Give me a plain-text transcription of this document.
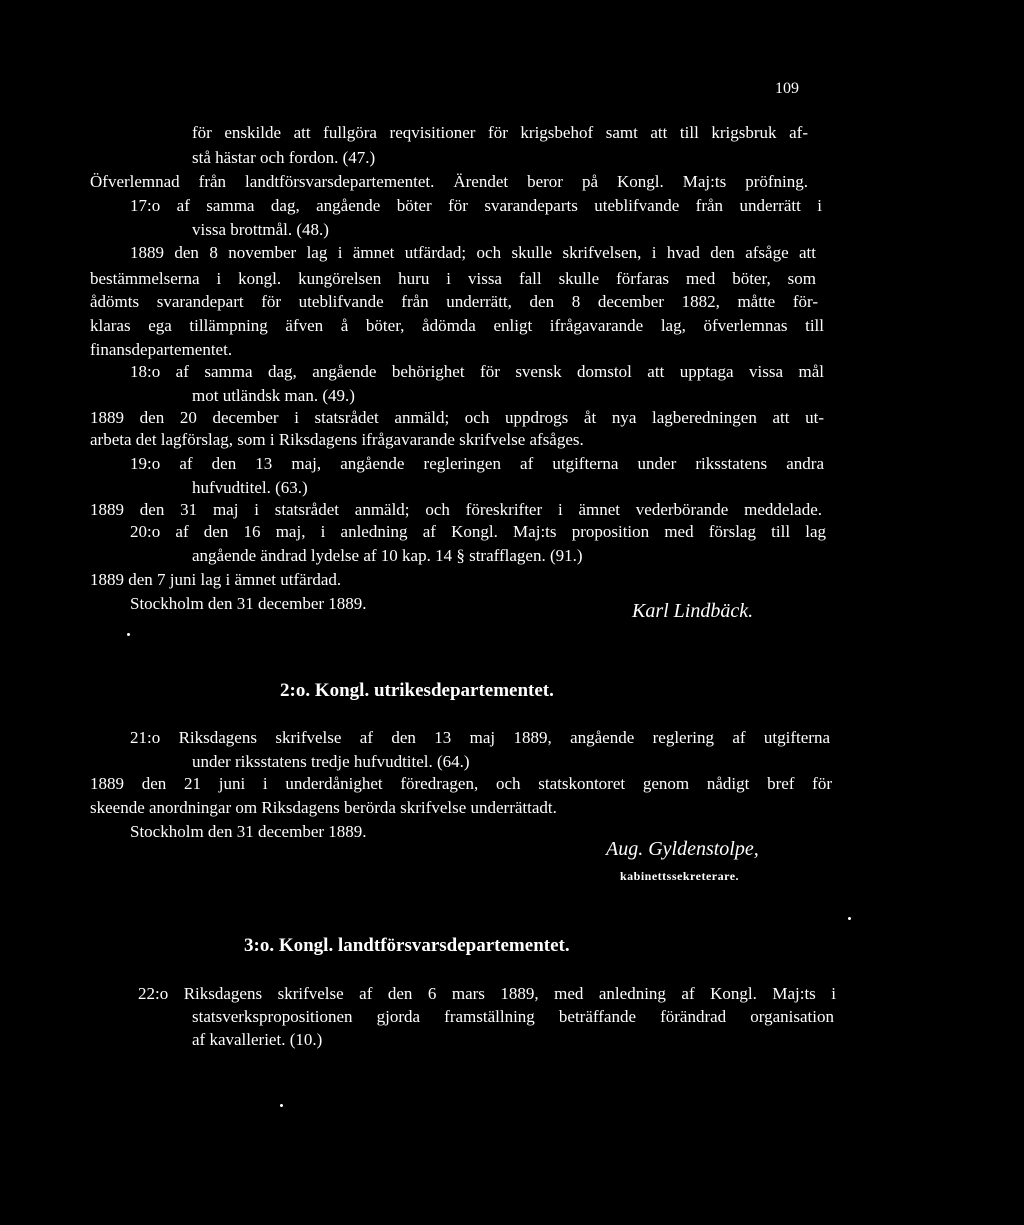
109
för enskilde att fullgöra reqvisitioner för krigsbehof samt att till krigsbruk af-
stå hästar och fordon. (47.)
Öfverlemnad från landtförsvarsdepartementet. Ärendet beror på Kongl. Maj:ts pröfning.
17:o af samma dag, angående böter för svarandeparts uteblifvande från underrätt i
vissa brottmål. (48.)
1889 den 8 november lag i ämnet utfärdad; och skulle skrifvelsen, i hvad den afsåge att
bestämmelserna i kongl. kungörelsen huru i vissa fall skulle förfaras med böter, som
ådömts svarandepart för uteblifvande från underrätt, den 8 december 1882, måtte för-
klaras ega tillämpning äfven å böter, ådömda enligt ifrågavarande lag, öfverlemnas till
finansdepartementet.
18:o af samma dag, angående behörighet för svensk domstol att upptaga vissa mål
mot utländsk man. (49.)
1889 den 20 december i statsrådet anmäld; och uppdrogs åt nya lagberedningen att ut-
arbeta det lagförslag, som i Riksdagens ifrågavarande skrifvelse afsåges.
19:o af den 13 maj, angående regleringen af utgifterna under riksstatens andra
hufvudtitel. (63.)
1889 den 31 maj i statsrådet anmäld; och föreskrifter i ämnet vederbörande meddelade.
20:o af den 16 maj, i anledning af Kongl. Maj:ts proposition med förslag till lag
angående ändrad lydelse af 10 kap. 14 § strafflagen. (91.)
1889 den 7 juni lag i ämnet utfärdad.
Stockholm den 31 december 1889.	Karl Lindbäck.
2:o. Kongl. utrikesdepartementet.
21:o Riksdagens skrifvelse af den 13 maj 1889, angående reglering af utgifterna
under riksstatens tredje hufvudtitel. (64.)
1889 den 21 juni i underdånighet föredragen, och statskontoret genom nådigt bref för
skeende anordningar om Riksdagens berörda skrifvelse underrättadt.
Stockholm den 31 december 1889.
Aug. Gyldenstolpe,
kabinettssekreterare.
3:o. Kongl. landtförsvarsdepartementet.
22:o Riksdagens skrifvelse af den 6 mars 1889, med anledning af Kongl. Maj:ts i
statsverkspropositionen gjorda framställning beträffande förändrad organisation
af kavalleriet. (10.)
